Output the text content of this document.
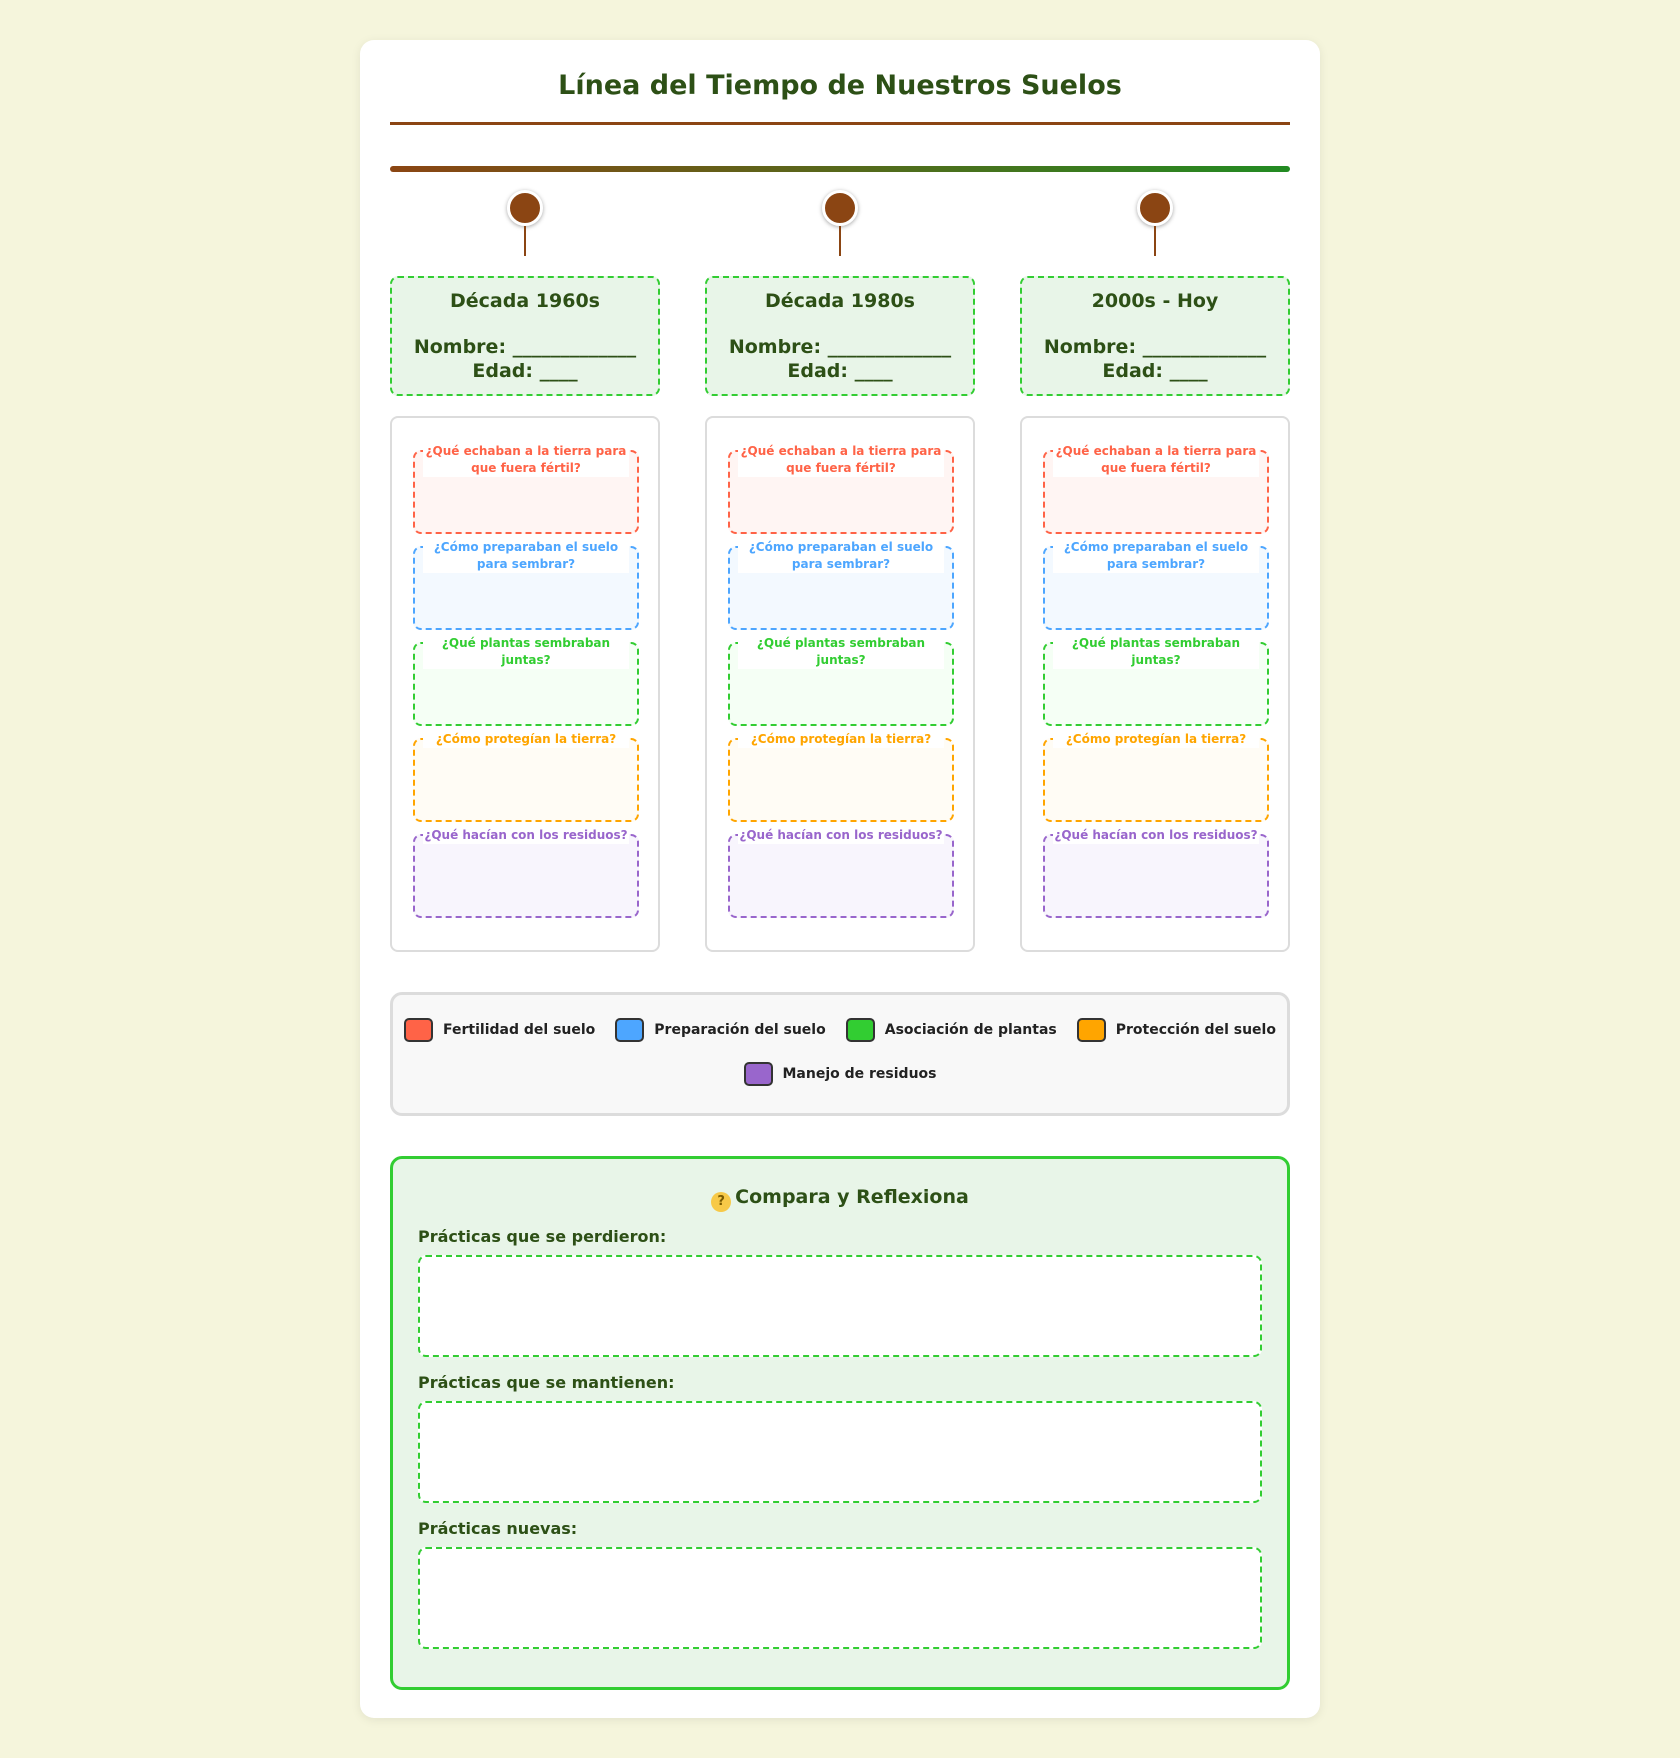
Línea del Tiempo de Nuestros Suelos
Década 1960s
Nombre: _____________
Edad: ____
¿Qué echaban a la tierra para que fuera fértil?
¿Cómo preparaban el suelo para sembrar?
¿Qué plantas sembraban juntas?
¿Cómo protegían la tierra?
¿Qué hacían con los residuos?
Década 1980s
Nombre: _____________
Edad: ____
¿Qué echaban a la tierra para que fuera fértil?
¿Cómo preparaban el suelo para sembrar?
¿Qué plantas sembraban juntas?
¿Cómo protegían la tierra?
¿Qué hacían con los residuos?
2000s - Hoy
Nombre: _____________
Edad: ____
¿Qué echaban a la tierra para que fuera fértil?
¿Cómo preparaban el suelo para sembrar?
¿Qué plantas sembraban juntas?
¿Cómo protegían la tierra?
¿Qué hacían con los residuos?
Fertilidad del suelo	Preparación del suelo	Asociación de plantas	Protección del suelo
Manejo de residuos
? Compara y Reflexiona
Prácticas que se perdieron:
Prácticas que se mantienen:
Prácticas nuevas:
